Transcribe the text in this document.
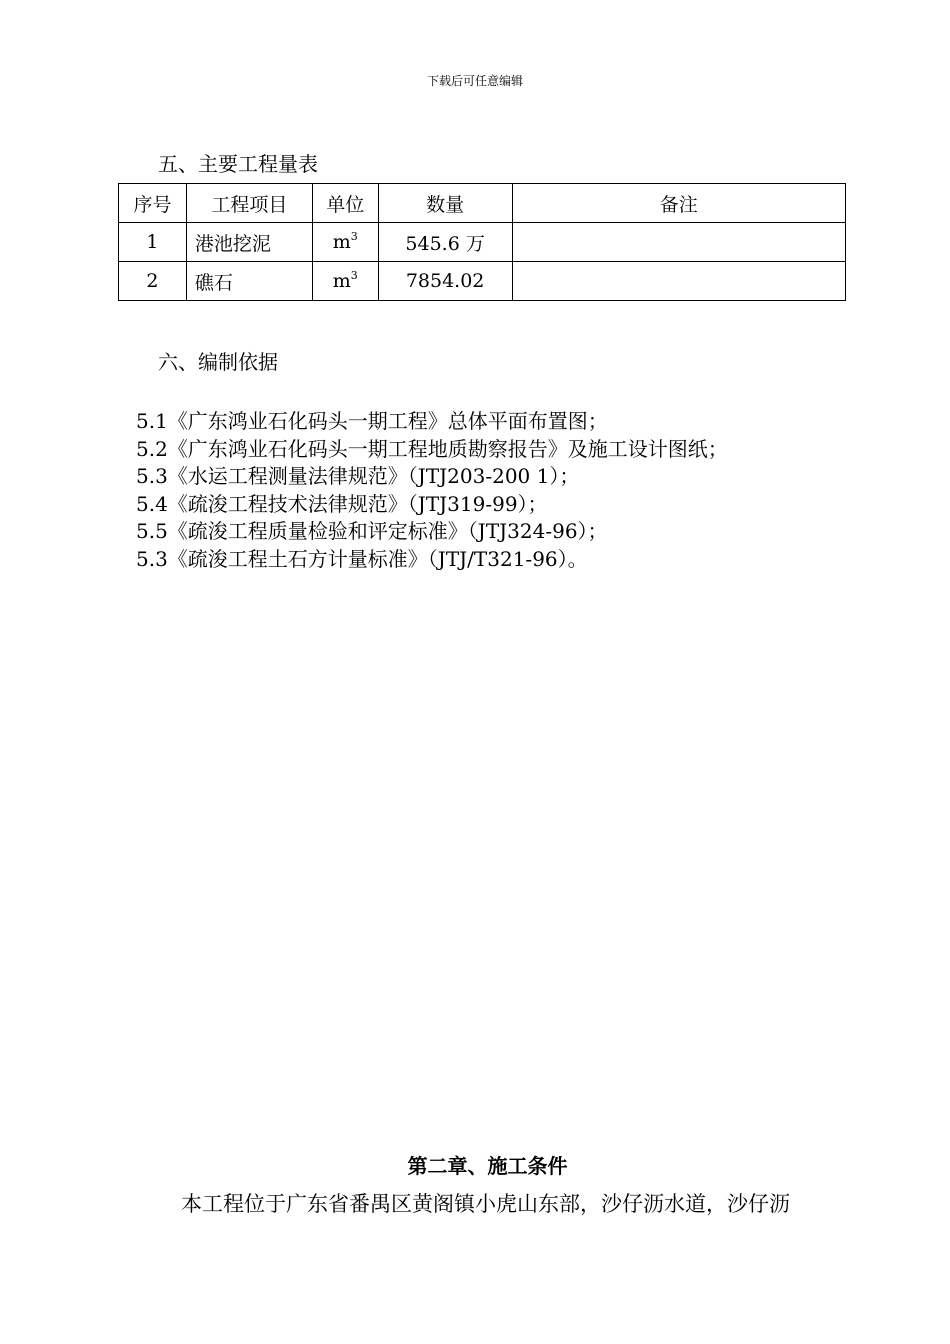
下载后可任意编辑
五、主要工程量表
序号	工程项目	单位	数量	备注
1	港池挖泥	$m^3$	545.6 万	
2	礁石	$m^3$	7854.02	
六、编制依据
5.1《广东鸿业石化码头一期工程》总体平面布置图；
5.2《广东鸿业石化码头一期工程地质勘察报告》及施工设计图纸；
5.3《水运工程测量法律规范》（JTJ203-200 1）；
5.4《疏浚工程技术法律规范》（JTJ319-99）；
5.5《疏浚工程质量检验和评定标准》（JTJ324-96）；
5.3《疏浚工程土石方计量标准》（JTJ/T321-96）。
第二章、施工条件
本工程位于广东省番禺区黄阁镇小虎山东部，沙仔沥水道，沙仔沥
